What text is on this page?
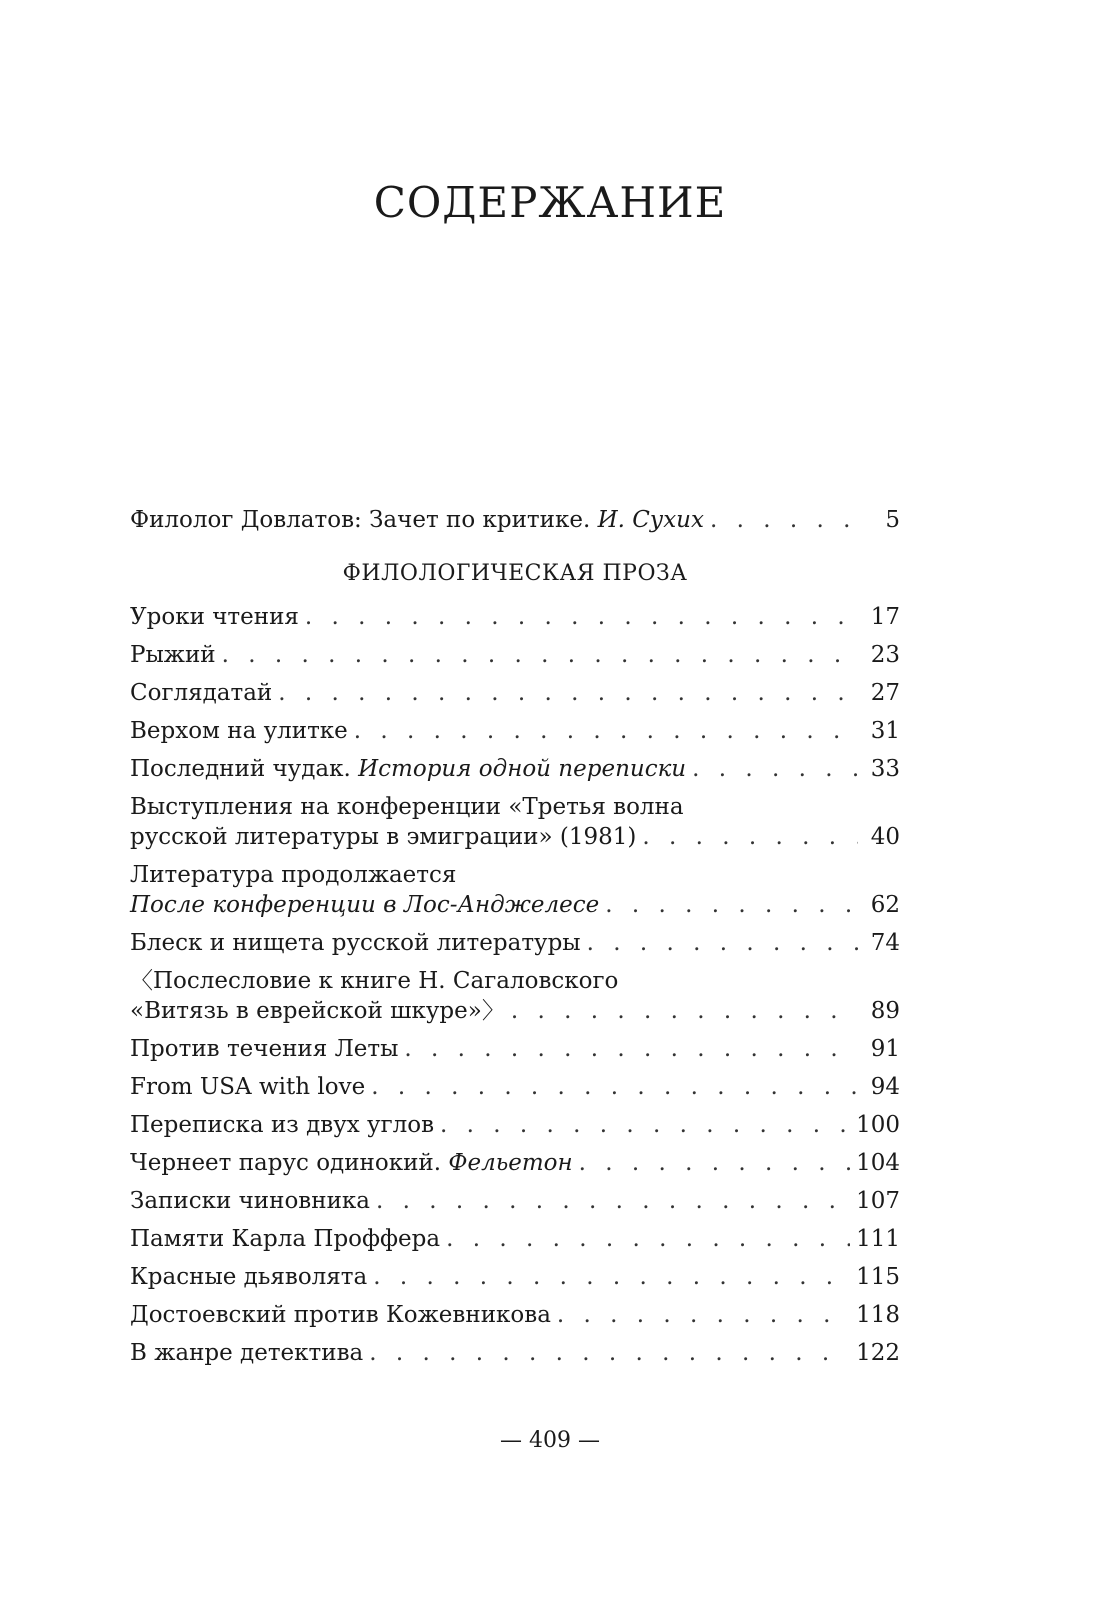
СОДЕРЖАНИЕ
Филолог Довлатов: Зачет по критике. И. Сухих . . .	5
ФИЛОЛОГИЧЕСКАЯ ПРОЗА
Уроки чтения . . .	17
Рыжий . . .	23
Соглядатай . . .	27
Верхом на улитке . . .	31
Последний чудак. История одной переписки . . .	33
Выступления на конференции «Третья волна
русской литературы в эмиграции» (1981) . . .	40
Литература продолжается
После конференции в Лос-Анджелесе . . .	62
Блеск и нищета русской литературы . . .	74
〈Послесловие к книге Н. Сагаловского
«Витязь в еврейской шкуре»〉 . . .	89
Против течения Леты . . .	91
From USA with love . . .	94
Переписка из двух углов . . .	100
Чернеет парус одинокий. Фельетон . . .	104
Записки чиновника . . .	107
Памяти Карла Проффера . . .	111
Красные дьяволята . . .	115
Достоевский против Кожевникова . . .	118
В жанре детектива . . .	122
— 409 —
